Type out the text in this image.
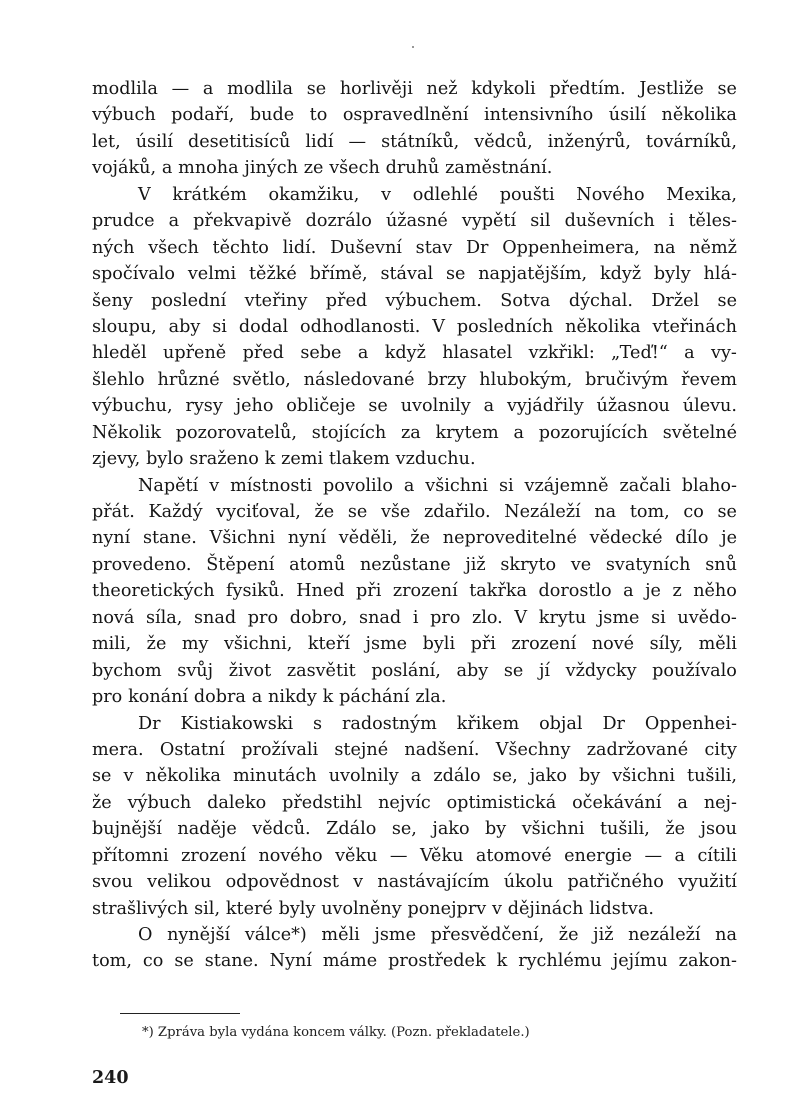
modlila — a modlila se horlivěji než kdykoli předtím. Jestliže se
výbuch podaří, bude to ospravedlnění intensivního úsilí několika
let, úsilí desetitisíců lidí — státníků, vědců, inženýrů, továrníků,
vojáků, a mnoha jiných ze všech druhů zaměstnání.
V krátkém okamžiku, v odlehlé poušti Nového Mexika,
prudce a překvapivě dozrálo úžasné vypětí sil duševních i těles-
ných všech těchto lidí. Duševní stav Dr Oppenheimera, na němž
spočívalo velmi těžké břímě, stával se napjatějším, když byly hlá-
šeny poslední vteřiny před výbuchem. Sotva dýchal. Držel se
sloupu, aby si dodal odhodlanosti. V posledních několika vteřinách
hleděl upřeně před sebe a když hlasatel vzkřikl: „Teď!“ a vy-
šlehlo hrůzné světlo, následované brzy hlubokým, bručivým řevem
výbuchu, rysy jeho obličeje se uvolnily a vyjádřily úžasnou úlevu.
Několik pozorovatelů, stojících za krytem a pozorujících světelné
zjevy, bylo sraženo k zemi tlakem vzduchu.
Napětí v místnosti povolilo a všichni si vzájemně začali blaho-
přát. Každý vyciťoval, že se vše zdařilo. Nezáleží na tom, co se
nyní stane. Všichni nyní věděli, že neproveditelné vědecké dílo je
provedeno. Štěpení atomů nezůstane již skryto ve svatyních snů
theoretických fysiků. Hned při zrození takřka dorostlo a je z něho
nová síla, snad pro dobro, snad i pro zlo. V krytu jsme si uvědo-
mili, že my všichni, kteří jsme byli při zrození nové síly, měli
bychom svůj život zasvětit poslání, aby se jí vždycky používalo
pro konání dobra a nikdy k páchání zla.
Dr Kistiakowski s radostným křikem objal Dr Oppenhei-
mera. Ostatní prožívali stejné nadšení. Všechny zadržované city
se v několika minutách uvolnily a zdálo se, jako by všichni tušili,
že výbuch daleko předstihl nejvíc optimistická očekávání a nej-
bujnější naděje vědců. Zdálo se, jako by všichni tušili, že jsou
přítomni zrození nového věku — Věku atomové energie — a cítili
svou velikou odpovědnost v nastávajícím úkolu patřičného využití
strašlivých sil, které byly uvolněny ponejprv v dějinách lidstva.
O nynější válce*) měli jsme přesvědčení, že již nezáleží na
tom, co se stane. Nyní máme prostředek k rychlému jejímu zakon-
*) Zpráva byla vydána koncem války. (Pozn. překladatele.)
240
